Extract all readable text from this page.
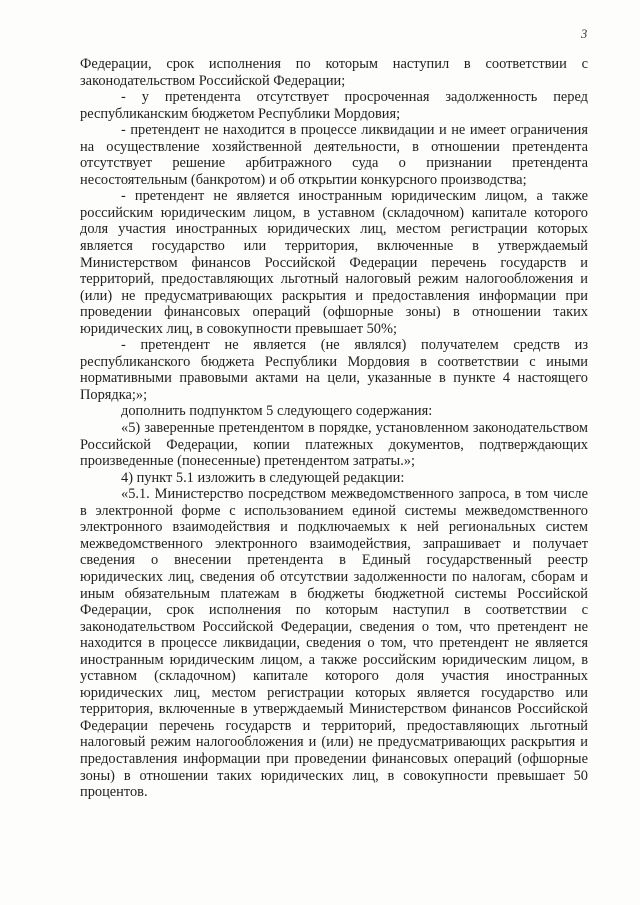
3

Федерации, срок исполнения по которым наступил в соответствии с законодательством Российской Федерации;

- у претендента отсутствует просроченная задолженность перед республиканским бюджетом Республики Мордовия;

- претендент не находится в процессе ликвидации и не имеет ограничения на осуществление хозяйственной деятельности, в отношении претендента отсутствует решение арбитражного суда о признании претендента несостоятельным (банкротом) и об открытии конкурсного производства;

- претендент не является иностранным юридическим лицом, а также российским юридическим лицом, в уставном (складочном) капитале которого доля участия иностранных юридических лиц, местом регистрации которых является государство или территория, включенные в утверждаемый Министерством финансов Российской Федерации перечень государств и территорий, предоставляющих льготный налоговый режим налогообложения и (или) не предусматривающих раскрытия и предоставления информации при проведении финансовых операций (офшорные зоны) в отношении таких юридических лиц, в совокупности превышает 50%;

- претендент не является (не являлся) получателем средств из республиканского бюджета Республики Мордовия в соответствии с иными нормативными правовыми актами на цели, указанные в пункте 4 настоящего Порядка;»;

дополнить подпунктом 5 следующего содержания:

«5) заверенные претендентом в порядке, установленном законодательством Российской Федерации, копии платежных документов, подтверждающих произведенные (понесенные) претендентом затраты.»;

4) пункт 5.1 изложить в следующей редакции:

«5.1. Министерство посредством межведомственного запроса, в том числе в электронной форме с использованием единой системы межведомственного электронного взаимодействия и подключаемых к ней региональных систем межведомственного электронного взаимодействия, запрашивает и получает сведения о внесении претендента в Единый государственный реестр юридических лиц, сведения об отсутствии задолженности по налогам, сборам и иным обязательным платежам в бюджеты бюджетной системы Российской Федерации, срок исполнения по которым наступил в соответствии с законодательством Российской Федерации, сведения о том, что претендент не находится в процессе ликвидации, сведения о том, что претендент не является иностранным юридическим лицом, а также российским юридическим лицом, в уставном (складочном) капитале которого доля участия иностранных юридических лиц, местом регистрации которых является государство или территория, включенные в утверждаемый Министерством финансов Российской Федерации перечень государств и территорий, предоставляющих льготный налоговый режим налогообложения и (или) не предусматривающих раскрытия и предоставления информации при проведении финансовых операций (офшорные зоны) в отношении таких юридических лиц, в совокупности превышает 50 процентов.
